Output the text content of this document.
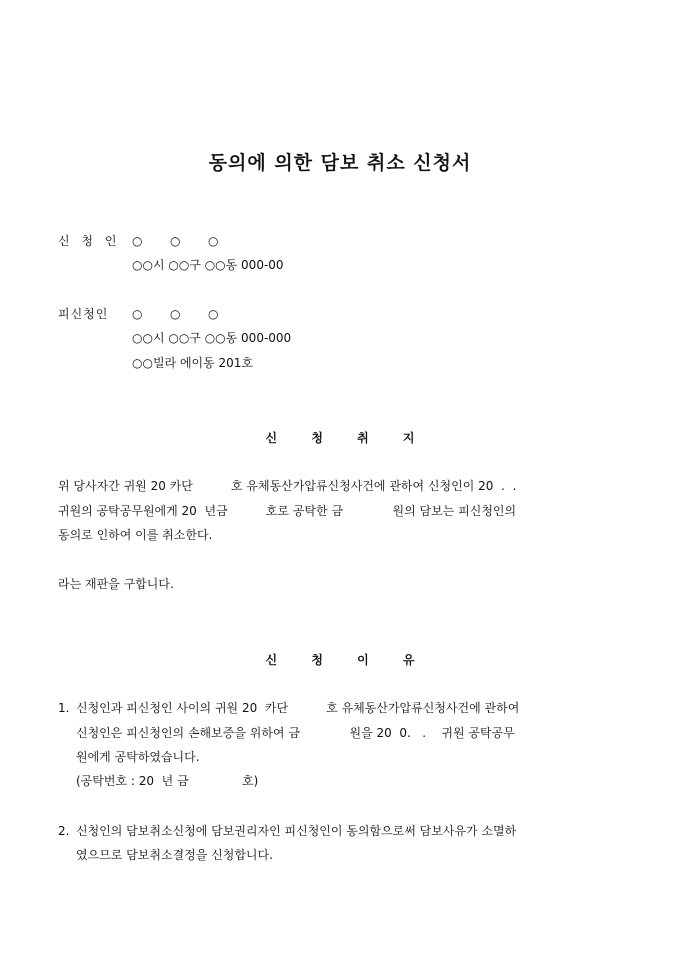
동의에 의한 담보 취소 신청서
신 청 인 ○ ○ ○
○○시 ○○구 ○○동 000-00
피신청인 ○ ○ ○
○○시 ○○구 ○○동 000-000
○○빌라 에이동 201호
신 청 취 지
위 당사자간 귀원 20 카단          호 유체동산가압류신청사건에 관하여 신청인이 20  .  .
귀원의 공탁공무원에게 20  년금          호로 공탁한 금             원의 담보는 피신청인의
동의로 인하여 이를 취소한다.
라는 재판을 구합니다.
신 청 이 유
1. 신청인과 피신청인 사이의 귀원 20  카단          호 유체동산가압류신청사건에 관하여
신청인은 피신청인의 손해보증을 위하여 금             원을 20  0.   .    귀원 공탁공무
원에게 공탁하였습니다.
(공탁번호 : 20  년 금              호)
2. 신청인의 담보취소신청에 담보권리자인 피신청인이 동의함으로써 담보사유가 소멸하
였으므로 담보취소결정을 신청합니다.
